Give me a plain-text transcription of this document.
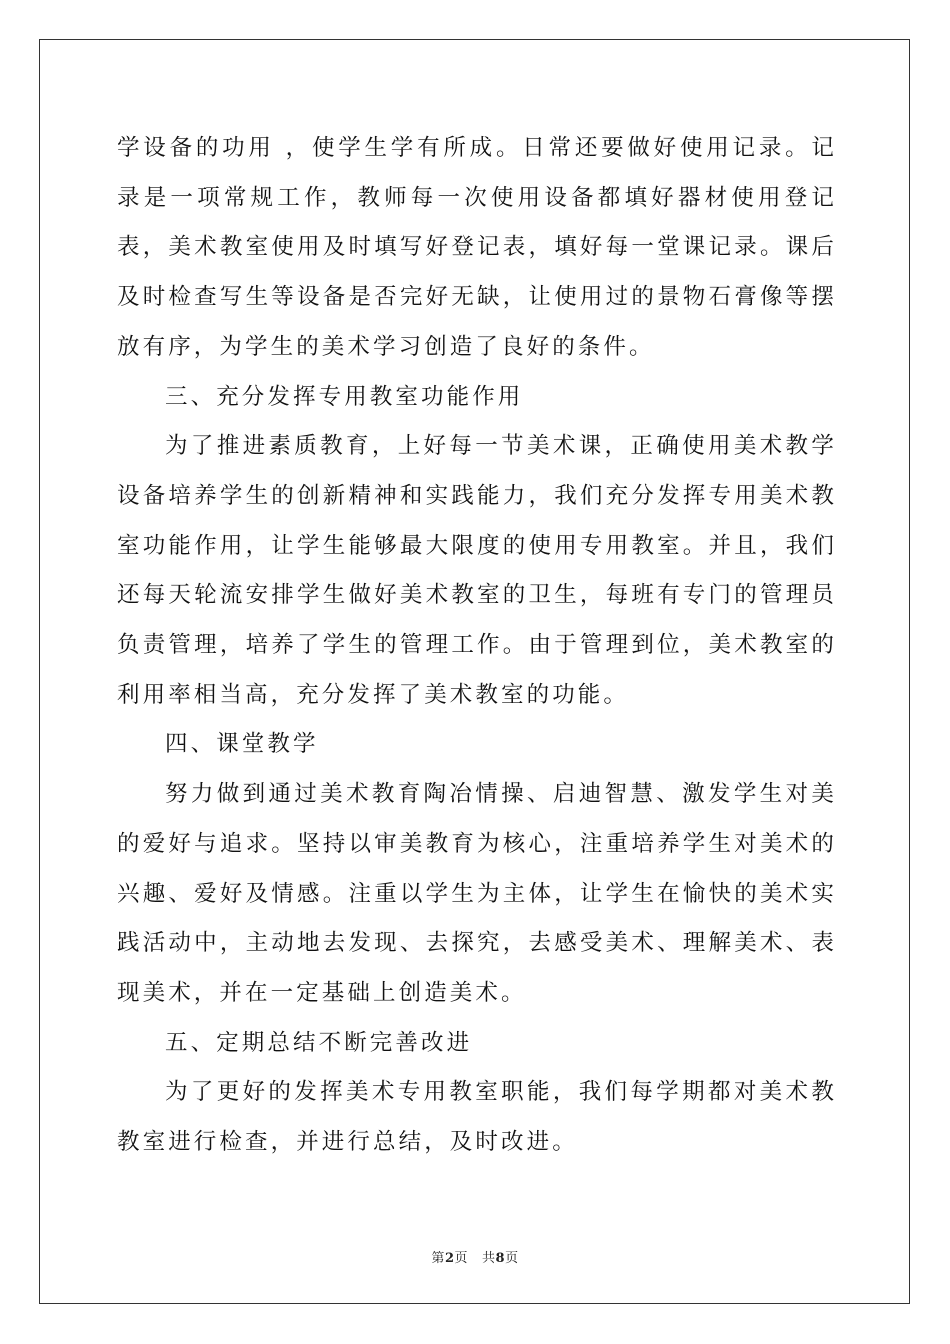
学设备的功用 ，使学生学有所成。日常还要做好使用记录。记录是一项常规工作，教师每一次使用设备都填好器材使用登记表，美术教室使用及时填写好登记表，填好每一堂课记录。课后及时检查写生等设备是否完好无缺，让使用过的景物石膏像等摆放有序，为学生的美术学习创造了良好的条件。

三、充分发挥专用教室功能作用

为了推进素质教育，上好每一节美术课，正确使用美术教学设备培养学生的创新精神和实践能力，我们充分发挥专用美术教室功能作用，让学生能够最大限度的使用专用教室。并且，我们还每天轮流安排学生做好美术教室的卫生，每班有专门的管理员负责管理，培养了学生的管理工作。由于管理到位，美术教室的利用率相当高，充分发挥了美术教室的功能。

四、课堂教学

努力做到通过美术教育陶冶情操、启迪智慧、激发学生对美的爱好与追求。坚持以审美教育为核心，注重培养学生对美术的兴趣、爱好及情感。注重以学生为主体，让学生在愉快的美术实践活动中，主动地去发现、去探究，去感受美术、理解美术、表现美术，并在一定基础上创造美术。

五、定期总结不断完善改进

为了更好的发挥美术专用教室职能，我们每学期都对美术教教室进行检查，并进行总结，及时改进。

第2页 共8页
